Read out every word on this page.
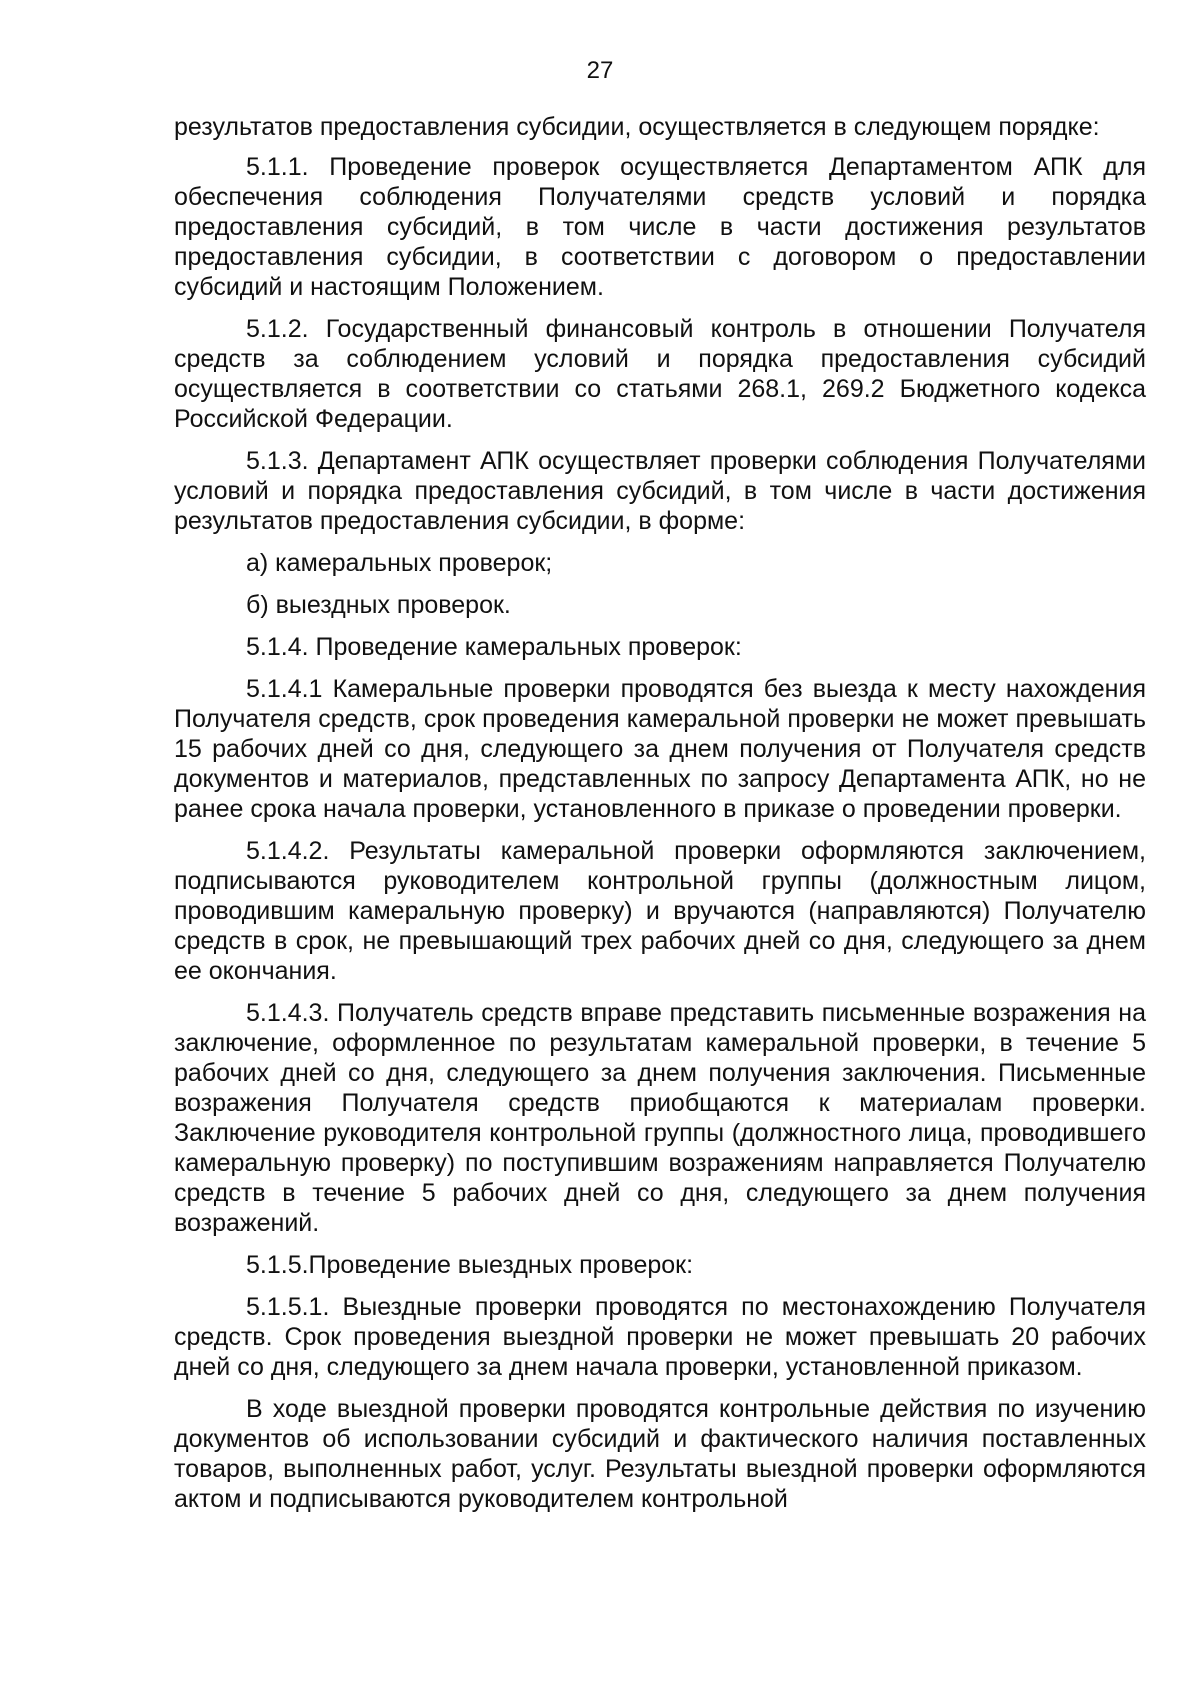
27

результатов предоставления субсидии, осуществляется в следующем порядке:

5.1.1. Проведение проверок осуществляется Департаментом АПК для обеспечения соблюдения Получателями средств условий и порядка предоставления субсидий, в том числе в части достижения результатов предоставления субсидии, в соответствии с договором о предоставлении субсидий и настоящим Положением.

5.1.2. Государственный финансовый контроль в отношении Получателя средств за соблюдением условий и порядка предоставления субсидий осуществляется в соответствии со статьями 268.1, 269.2 Бюджетного кодекса Российской Федерации.

5.1.3. Департамент АПК осуществляет проверки соблюдения Получателями условий и порядка предоставления субсидий, в том числе в части достижения результатов предоставления субсидии, в форме:

а) камеральных проверок;

б) выездных проверок.

5.1.4. Проведение камеральных проверок:

5.1.4.1 Камеральные проверки проводятся без выезда к месту нахождения Получателя средств, срок проведения камеральной проверки не может превышать 15 рабочих дней со дня, следующего за днем получения от Получателя средств документов и материалов, представленных по запросу Департамента АПК, но не ранее срока начала проверки, установленного в приказе о проведении проверки.

5.1.4.2. Результаты камеральной проверки оформляются заключением, подписываются руководителем контрольной группы (должностным лицом, проводившим камеральную проверку) и вручаются (направляются) Получателю средств в срок, не превышающий трех рабочих дней со дня, следующего за днем ее окончания.

5.1.4.3. Получатель средств вправе представить письменные возражения на заключение, оформленное по результатам камеральной проверки, в течение 5 рабочих дней со дня, следующего за днем получения заключения. Письменные возражения Получателя средств приобщаются к материалам проверки. Заключение руководителя контрольной группы (должностного лица, проводившего камеральную проверку) по поступившим возражениям направляется Получателю средств в течение 5 рабочих дней со дня, следующего за днем получения возражений.

5.1.5.Проведение выездных проверок:

5.1.5.1. Выездные проверки проводятся по местонахождению Получателя средств. Срок проведения выездной проверки не может превышать 20 рабочих дней со дня, следующего за днем начала проверки, установленной приказом.

В ходе выездной проверки проводятся контрольные действия по изучению документов об использовании субсидий и фактического наличия поставленных товаров, выполненных работ, услуг. Результаты выездной проверки оформляются актом и подписываются руководителем контрольной
